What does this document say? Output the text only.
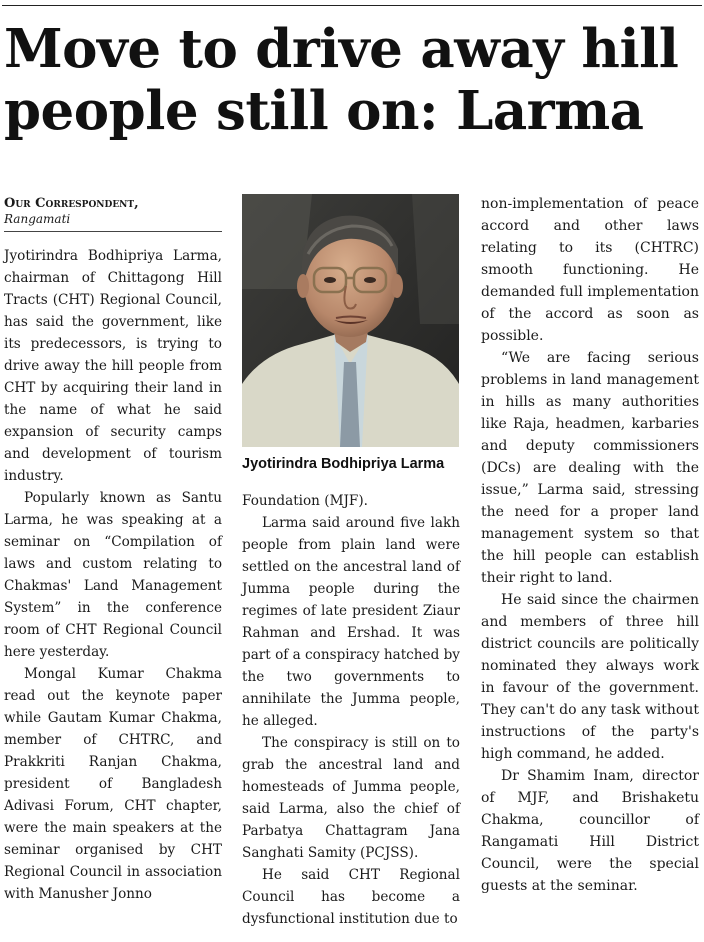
Move to drive away hill
people still on: Larma
Our Correspondent,
Rangamati

Jyotirindra Bodhipriya Larma, chairman of Chittagong Hill Tracts (CHT) Regional Council, has said the government, like its predecessors, is trying to drive away the hill people from CHT by acquiring their land in the name of what he said expansion of security camps and development of tourism industry.

Popularly known as Santu Larma, he was speaking at a seminar on “Compilation of laws and custom relating to Chakmas' Land Management System” in the conference room of CHT Regional Council here yesterday.

Mongal Kumar Chakma read out the keynote paper while Gautam Kumar Chakma, member of CHTRC, and Prakkriti Ranjan Chakma, president of Bangladesh Adivasi Forum, CHT chapter, were the main speakers at the seminar organised by CHT Regional Council in association with Manusher Jonno

Jyotirindra Bodhipriya Larma

Foundation (MJF).

Larma said around five lakh people from plain land were settled on the ancestral land of Jumma people during the regimes of late president Ziaur Rahman and Ershad. It was part of a conspiracy hatched by the two governments to annihilate the Jumma people, he alleged.

The conspiracy is still on to grab the ancestral land and homesteads of Jumma people, said Larma, also the chief of Parbatya Chattagram Jana Sanghati Samity (PCJSS).

He said CHT Regional Council has become a dysfunctional institution due to

non-implementation of peace accord and other laws relating to its (CHTRC) smooth functioning. He demanded full implementation of the accord as soon as possible.

“We are facing serious problems in land management in hills as many authorities like Raja, headmen, karbaries and deputy commissioners (DCs) are dealing with the issue,” Larma said, stressing the need for a proper land management system so that the hill people can establish their right to land.

He said since the chairmen and members of three hill district councils are politically nominated they always work in favour of the government. They can't do any task without instructions of the party's high command, he added.

Dr Shamim Inam, director of MJF, and Brishaketu Chakma, councillor of Rangamati Hill District Council, were the special guests at the seminar.
